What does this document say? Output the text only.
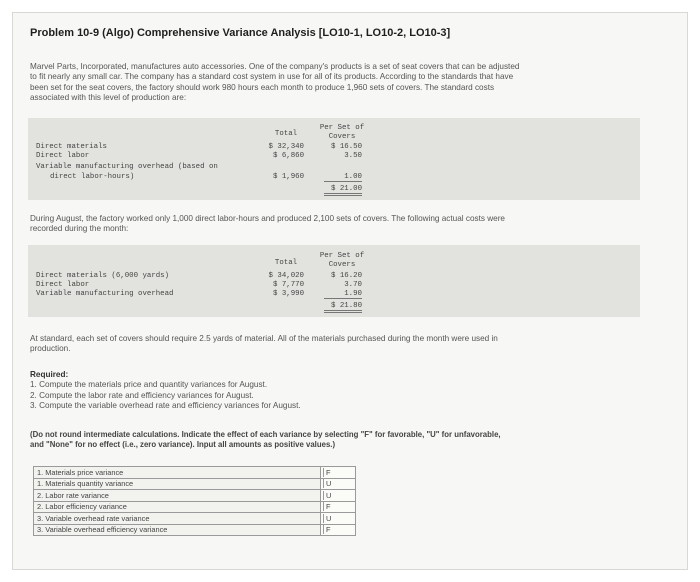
Problem 10-9 (Algo) Comprehensive Variance Analysis [LO10-1, LO10-2, LO10-3]
Marvel Parts, Incorporated, manufactures auto accessories. One of the company's products is a set of seat covers that can be adjusted
to fit nearly any small car. The company has a standard cost system in use for all of its products. According to the standards that have
been set for the seat covers, the factory should work 980 hours each month to produce 1,960 sets of covers. The standard costs
associated with this level of production are:
Total
Per Set of
Covers
Direct materials	$ 32,340	$ 16.50
Direct labor	$ 6,860	3.50
Variable manufacturing overhead (based on
direct labor-hours)	$ 1,960	1.00
$ 21.00
During August, the factory worked only 1,000 direct labor-hours and produced 2,100 sets of covers. The following actual costs were
recorded during the month:
Total
Per Set of
Covers
Direct materials (6,000 yards)	$ 34,020	$ 16.20
Direct labor	$ 7,770	3.70
Variable manufacturing overhead	$ 3,990	1.90
$ 21.80
At standard, each set of covers should require 2.5 yards of material. All of the materials purchased during the month were used in
production.
Required:
1. Compute the materials price and quantity variances for August.
2. Compute the labor rate and efficiency variances for August.
3. Compute the variable overhead rate and efficiency variances for August.
(Do not round intermediate calculations. Indicate the effect of each variance by selecting "F" for favorable, "U" for unfavorable,
and "None" for no effect (i.e., zero variance). Input all amounts as positive values.)
1. Materials price variance	F
1. Materials quantity variance	U
2. Labor rate variance	U
2. Labor efficiency variance	F
3. Variable overhead rate variance	U
3. Variable overhead efficiency variance	F
